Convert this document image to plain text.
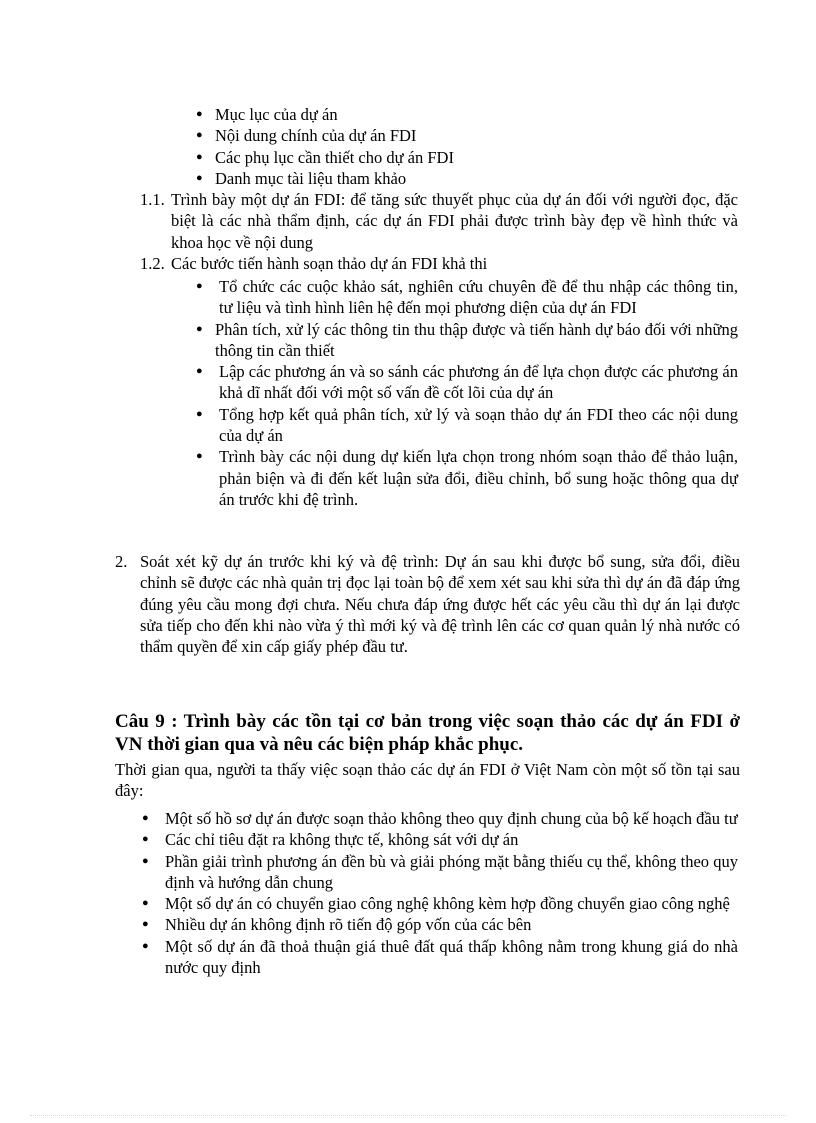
● Mục lục của dự án
● Nội dung chính của dự án FDI
● Các phụ lục cần thiết cho dự án FDI
● Danh mục tài liệu tham khảo
1.1. Trình bày một dự án FDI: để tăng sức thuyết phục của dự án đối với người đọc, đặc biệt là các nhà thẩm định, các dự án FDI phải được trình bày đẹp về hình thức và khoa học về nội dung
1.2. Các bước tiến hành soạn thảo dự án FDI khả thi
● Tổ chức các cuộc khảo sát, nghiên cứu chuyên đề để thu nhập các thông tin, tư liệu và tình hình liên hệ đến mọi phương diện của dự án FDI
● Phân tích, xử lý các thông tin thu thập được và tiến hành dự báo đối với những thông tin cần thiết
● Lập các phương án và so sánh các phương án để lựa chọn được các phương án khả dĩ nhất đối với một số vấn đề cốt lõi của dự án
● Tổng hợp kết quả phân tích, xử lý và soạn thảo dự án FDI theo các nội dung của dự án
● Trình bày các nội dung dự kiến lựa chọn trong nhóm soạn thảo để thảo luận, phản biện và đi đến kết luận sửa đổi, điều chỉnh, bổ sung hoặc thông qua dự án trước khi đệ trình.
2. Soát xét kỹ dự án trước khi ký và đệ trình: Dự án sau khi được bổ sung, sửa đổi, điều chỉnh sẽ được các nhà quản trị đọc lại toàn bộ để xem xét sau khi sửa thì dự án đã đáp ứng đúng yêu cầu mong đợi chưa. Nếu chưa đáp ứng được hết các yêu cầu thì dự án lại được sửa tiếp cho đến khi nào vừa ý thì mới ký và đệ trình lên các cơ quan quản lý nhà nước có thẩm quyền để xin cấp giấy phép đầu tư.
Câu 9 : Trình bày các tồn tại cơ bản trong việc soạn thảo các dự án FDI ở VN thời gian qua và nêu các biện pháp khắc phục.
Thời gian qua, người ta thấy việc soạn thảo các dự án FDI ở Việt Nam còn một số tồn tại sau đây:
● Một số hồ sơ dự án được soạn thảo không theo quy định chung của bộ kế hoạch đầu tư
● Các chỉ tiêu đặt ra không thực tế, không sát với dự án
● Phần giải trình phương án đền bù và giải phóng mặt bằng thiếu cụ thể, không theo quy định và hướng dẫn chung
● Một số dự án có chuyển giao công nghệ không kèm hợp đồng chuyển giao công nghệ
● Nhiều dự án không định rõ tiến độ góp vốn của các bên
● Một số dự án đã thoả thuận giá thuê đất quá thấp không nằm trong khung giá do nhà nước quy định
